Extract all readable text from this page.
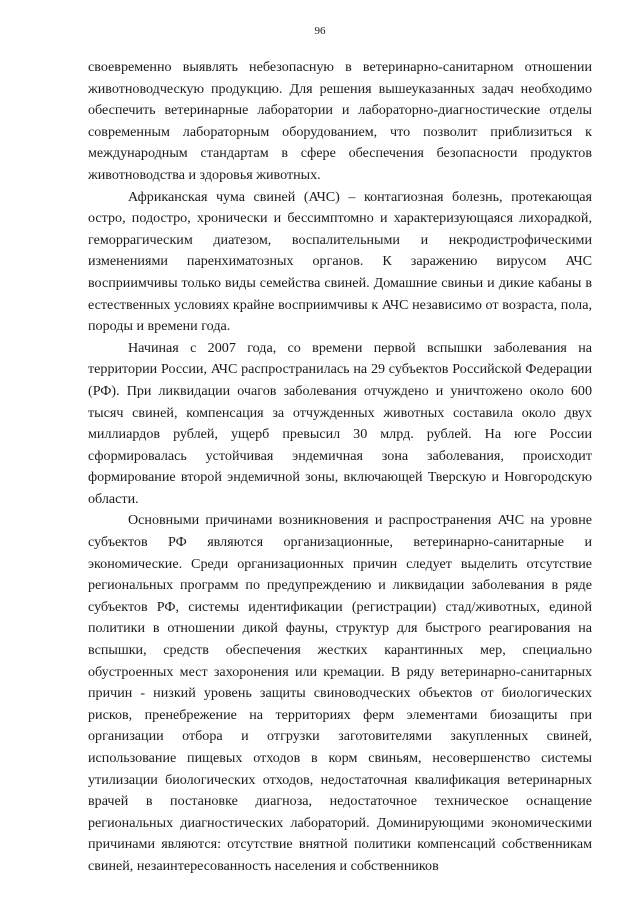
96

своевременно выявлять небезопасную в ветеринарно-санитарном отношении животноводческую продукцию. Для решения вышеуказанных задач необходимо обеспечить ветеринарные лаборатории и лабораторно-диагностические отделы современным лабораторным оборудованием, что позволит приблизиться к международным стандартам в сфере обеспечения безопасности продуктов животноводства и здоровья животных.

Африканская чума свиней (АЧС) – контагиозная болезнь, протекающая остро, подостро, хронически и бессимптомно и характеризующаяся лихорадкой, геморрагическим диатезом, воспалительными и некродистрофическими изменениями паренхиматозных органов. К заражению вирусом АЧС восприимчивы только виды семейства свиней. Домашние свиньи и дикие кабаны в естественных условиях крайне восприимчивы к АЧС независимо от возраста, пола, породы и времени года.

Начиная с 2007 года, со времени первой вспышки заболевания на территории России, АЧС распространилась на 29 субъектов Российской Федерации (РФ). При ликвидации очагов заболевания отчуждено и уничтожено около 600 тысяч свиней, компенсация за отчужденных животных составила около двух миллиардов рублей, ущерб превысил 30 млрд. рублей. На юге России сформировалась устойчивая эндемичная зона заболевания, происходит формирование второй эндемичной зоны, включающей Тверскую и Новгородскую области.

Основными причинами возникновения и распространения АЧС на уровне субъектов РФ являются организационные, ветеринарно-санитарные и экономические. Среди организационных причин следует выделить отсутствие региональных программ по предупреждению и ликвидации заболевания в ряде субъектов РФ, системы идентификации (регистрации) стад/животных, единой политики в отношении дикой фауны, структур для быстрого реагирования на вспышки, средств обеспечения жестких карантинных мер, специально обустроенных мест захоронения или кремации. В ряду ветеринарно-санитарных причин - низкий уровень защиты свиноводческих объектов от биологических рисков, пренебрежение на территориях ферм элементами биозащиты при организации отбора и отгрузки заготовителями закупленных свиней, использование пищевых отходов в корм свиньям, несовершенство системы утилизации биологических отходов, недостаточная квалификация ветеринарных врачей в постановке диагноза, недостаточное техническое оснащение региональных диагностических лабораторий. Доминирующими экономическими причинами являются: отсутствие внятной политики компенсаций собственникам свиней, незаинтересованность населения и собственников
